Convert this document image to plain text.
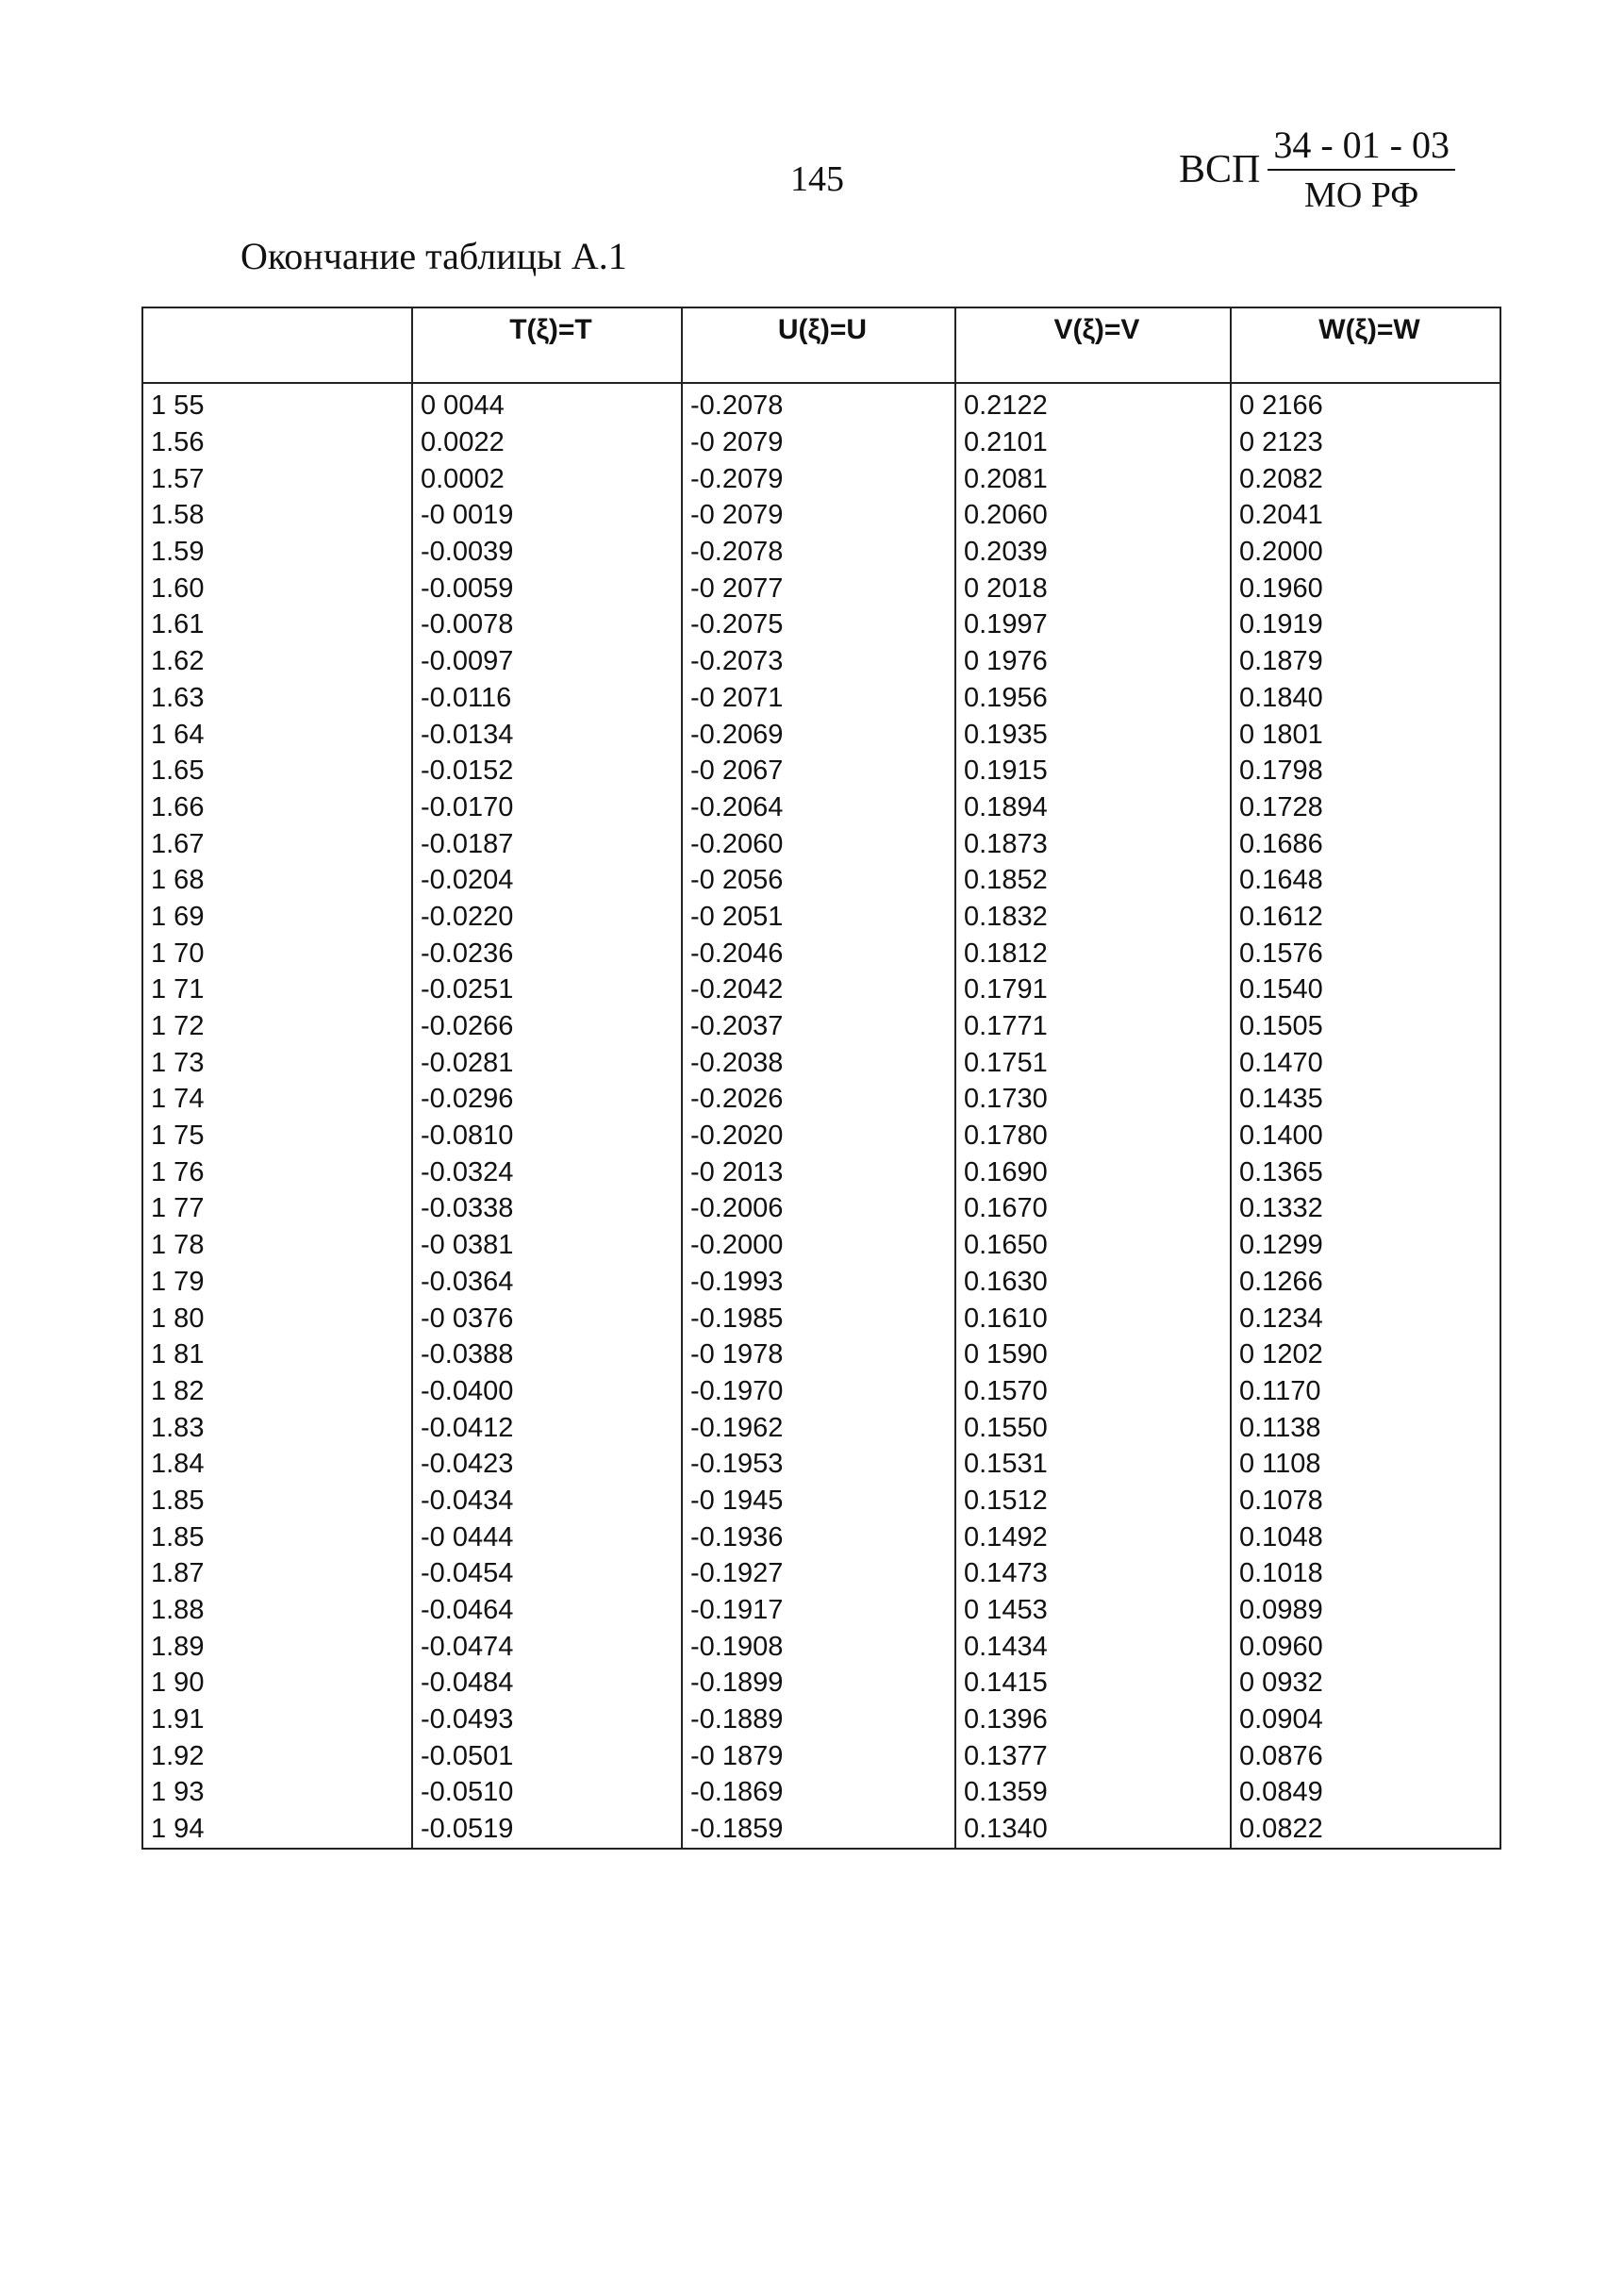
145	ВСП $\frac{34 - 01 - 03}{\text{МО РФ}}$
Окончание таблицы А.1
	T(ξ)=T	U(ξ)=U	V(ξ)=V	W(ξ)=W
1 55	0 0044	-0.2078	0.2122	0 2166
1.56	0.0022	-0 2079	0.2101	0 2123
1.57	0.0002	-0.2079	0.2081	0.2082
1.58	-0 0019	-0 2079	0.2060	0.2041
1.59	-0.0039	-0.2078	0.2039	0.2000
1.60	-0.0059	-0 2077	0 2018	0.1960
1.61	-0.0078	-0.2075	0.1997	0.1919
1.62	-0.0097	-0.2073	0 1976	0.1879
1.63	-0.0116	-0 2071	0.1956	0.1840
1 64	-0.0134	-0.2069	0.1935	0 1801
1.65	-0.0152	-0 2067	0.1915	0.1798
1.66	-0.0170	-0.2064	0.1894	0.1728
1.67	-0.0187	-0.2060	0.1873	0.1686
1 68	-0.0204	-0 2056	0.1852	0.1648
1 69	-0.0220	-0 2051	0.1832	0.1612
1 70	-0.0236	-0.2046	0.1812	0.1576
1 71	-0.0251	-0.2042	0.1791	0.1540
1 72	-0.0266	-0.2037	0.1771	0.1505
1 73	-0.0281	-0.2038	0.1751	0.1470
1 74	-0.0296	-0.2026	0.1730	0.1435
1 75	-0.0810	-0.2020	0.1780	0.1400
1 76	-0.0324	-0 2013	0.1690	0.1365
1 77	-0.0338	-0.2006	0.1670	0.1332
1 78	-0 0381	-0.2000	0.1650	0.1299
1 79	-0.0364	-0.1993	0.1630	0.1266
1 80	-0 0376	-0.1985	0.1610	0.1234
1 81	-0.0388	-0 1978	0 1590	0 1202
1 82	-0.0400	-0.1970	0.1570	0.1170
1.83	-0.0412	-0.1962	0.1550	0.1138
1.84	-0.0423	-0.1953	0.1531	0 1108
1.85	-0.0434	-0 1945	0.1512	0.1078
1.85	-0 0444	-0.1936	0.1492	0.1048
1.87	-0.0454	-0.1927	0.1473	0.1018
1.88	-0.0464	-0.1917	0 1453	0.0989
1.89	-0.0474	-0.1908	0.1434	0.0960
1 90	-0.0484	-0.1899	0.1415	0 0932
1.91	-0.0493	-0.1889	0.1396	0.0904
1.92	-0.0501	-0 1879	0.1377	0.0876
1 93	-0.0510	-0.1869	0.1359	0.0849
1 94	-0.0519	-0.1859	0.1340	0.0822
